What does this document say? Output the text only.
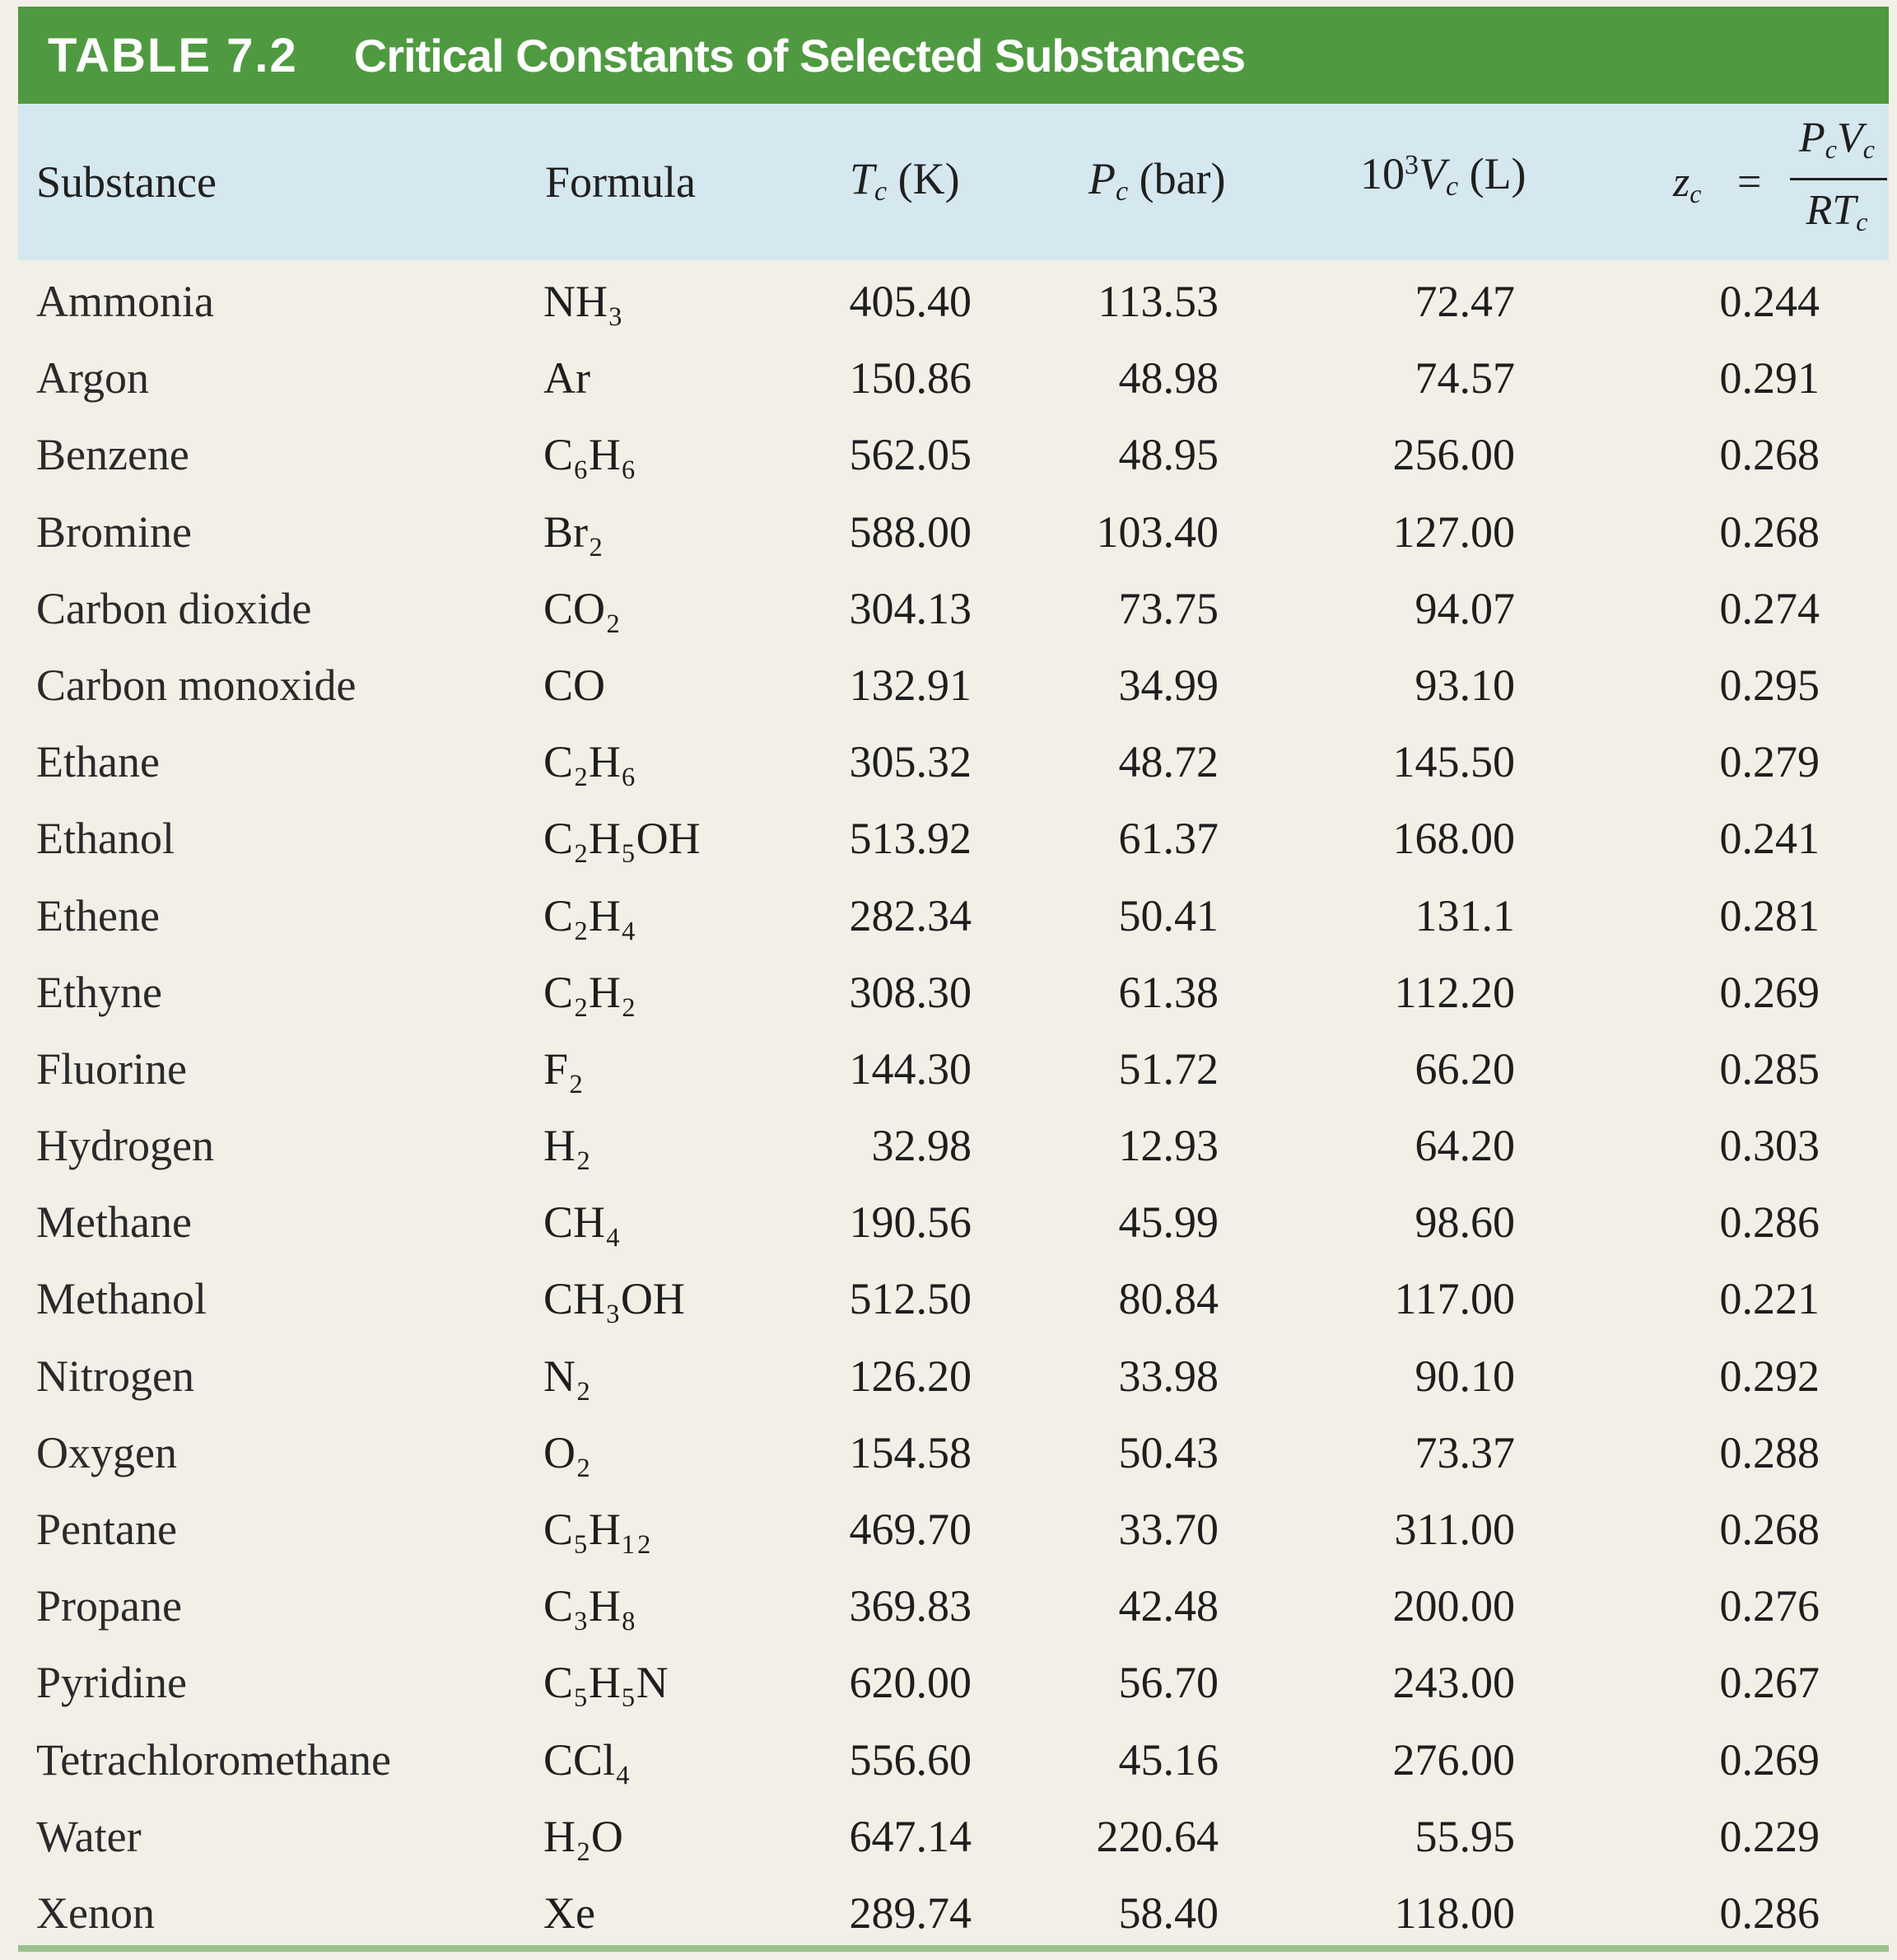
TABLE 7.2 Critical Constants of Selected Substances
Substance	Formula	$T_c$ (K)	$P_c$ (bar)	$10^3V_c$ (L)	$z_c$ =
$P_cV_c$
$RT_c$
Ammonia	NH₃	405.40	113.53	72.47	0.244
Argon	Ar	150.86	48.98	74.57	0.291
Benzene	C₆H₆	562.05	48.95	256.00	0.268
Bromine	Br₂	588.00	103.40	127.00	0.268
Carbon dioxide	CO₂	304.13	73.75	94.07	0.274
Carbon monoxide	CO	132.91	34.99	93.10	0.295
Ethane	C₂H₆	305.32	48.72	145.50	0.279
Ethanol	C₂H₅OH	513.92	61.37	168.00	0.241
Ethene	C₂H₄	282.34	50.41	131.1	0.281
Ethyne	C₂H₂	308.30	61.38	112.20	0.269
Fluorine	F₂	144.30	51.72	66.20	0.285
Hydrogen	H₂	32.98	12.93	64.20	0.303
Methane	CH₄	190.56	45.99	98.60	0.286
Methanol	CH₃OH	512.50	80.84	117.00	0.221
Nitrogen	N₂	126.20	33.98	90.10	0.292
Oxygen	O₂	154.58	50.43	73.37	0.288
Pentane	C₅H₁₂	469.70	33.70	311.00	0.268
Propane	C₃H₈	369.83	42.48	200.00	0.276
Pyridine	C₅H₅N	620.00	56.70	243.00	0.267
Tetrachloromethane	CCl₄	556.60	45.16	276.00	0.269
Water	H₂O	647.14	220.64	55.95	0.229
Xenon	Xe	289.74	58.40	118.00	0.286
